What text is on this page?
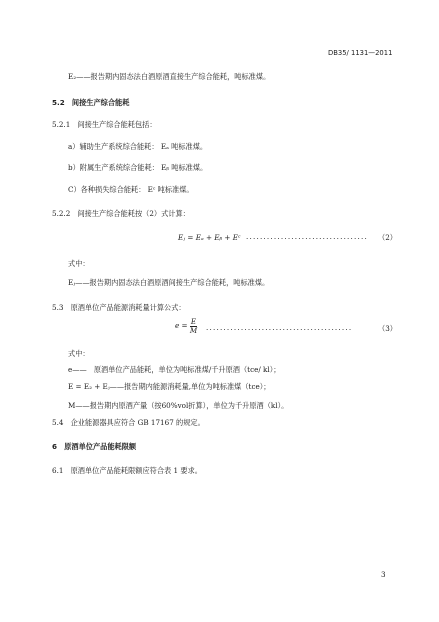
DB35/ 1131—2011
E₂——报告期内固态法白酒原酒直接生产综合能耗，吨标准煤。
5.2　间接生产综合能耗
5.2.1　间接生产综合能耗包括：
a）辅助生产系统综合能耗： Eₐ 吨标准煤。
b）附属生产系统综合能耗： Eᵦ 吨标准煤。
C）各种损失综合能耗： Eᶜ 吨标准煤。
5.2.2　间接生产综合能耗按（2）式计算：
Eⱼ = Eₐ + Eᵦ + Eᶜ ................................... （2）
式中：
Eⱼ——报告期内固态法白酒原酒间接生产综合能耗，吨标准煤。
5.3　原酒单位产品能源消耗量计算公式：
$e = \frac{E}{M}$ ..........................................	（3）
式中：
e——　原酒单位产品能耗，单位为吨标准煤/千升原酒（tce/ kl）；
E = E₂ + Eⱼ——报告期内能源消耗量,单位为吨标准煤（tce）；
M——报告期内原酒产量（按60%vol折算），单位为千升原酒（kl）。
5.4　企业能源器具应符合 GB 17167 的规定。
6　原酒单位产品能耗限额
6.1　原酒单位产品能耗限额应符合表 1 要求。
3
